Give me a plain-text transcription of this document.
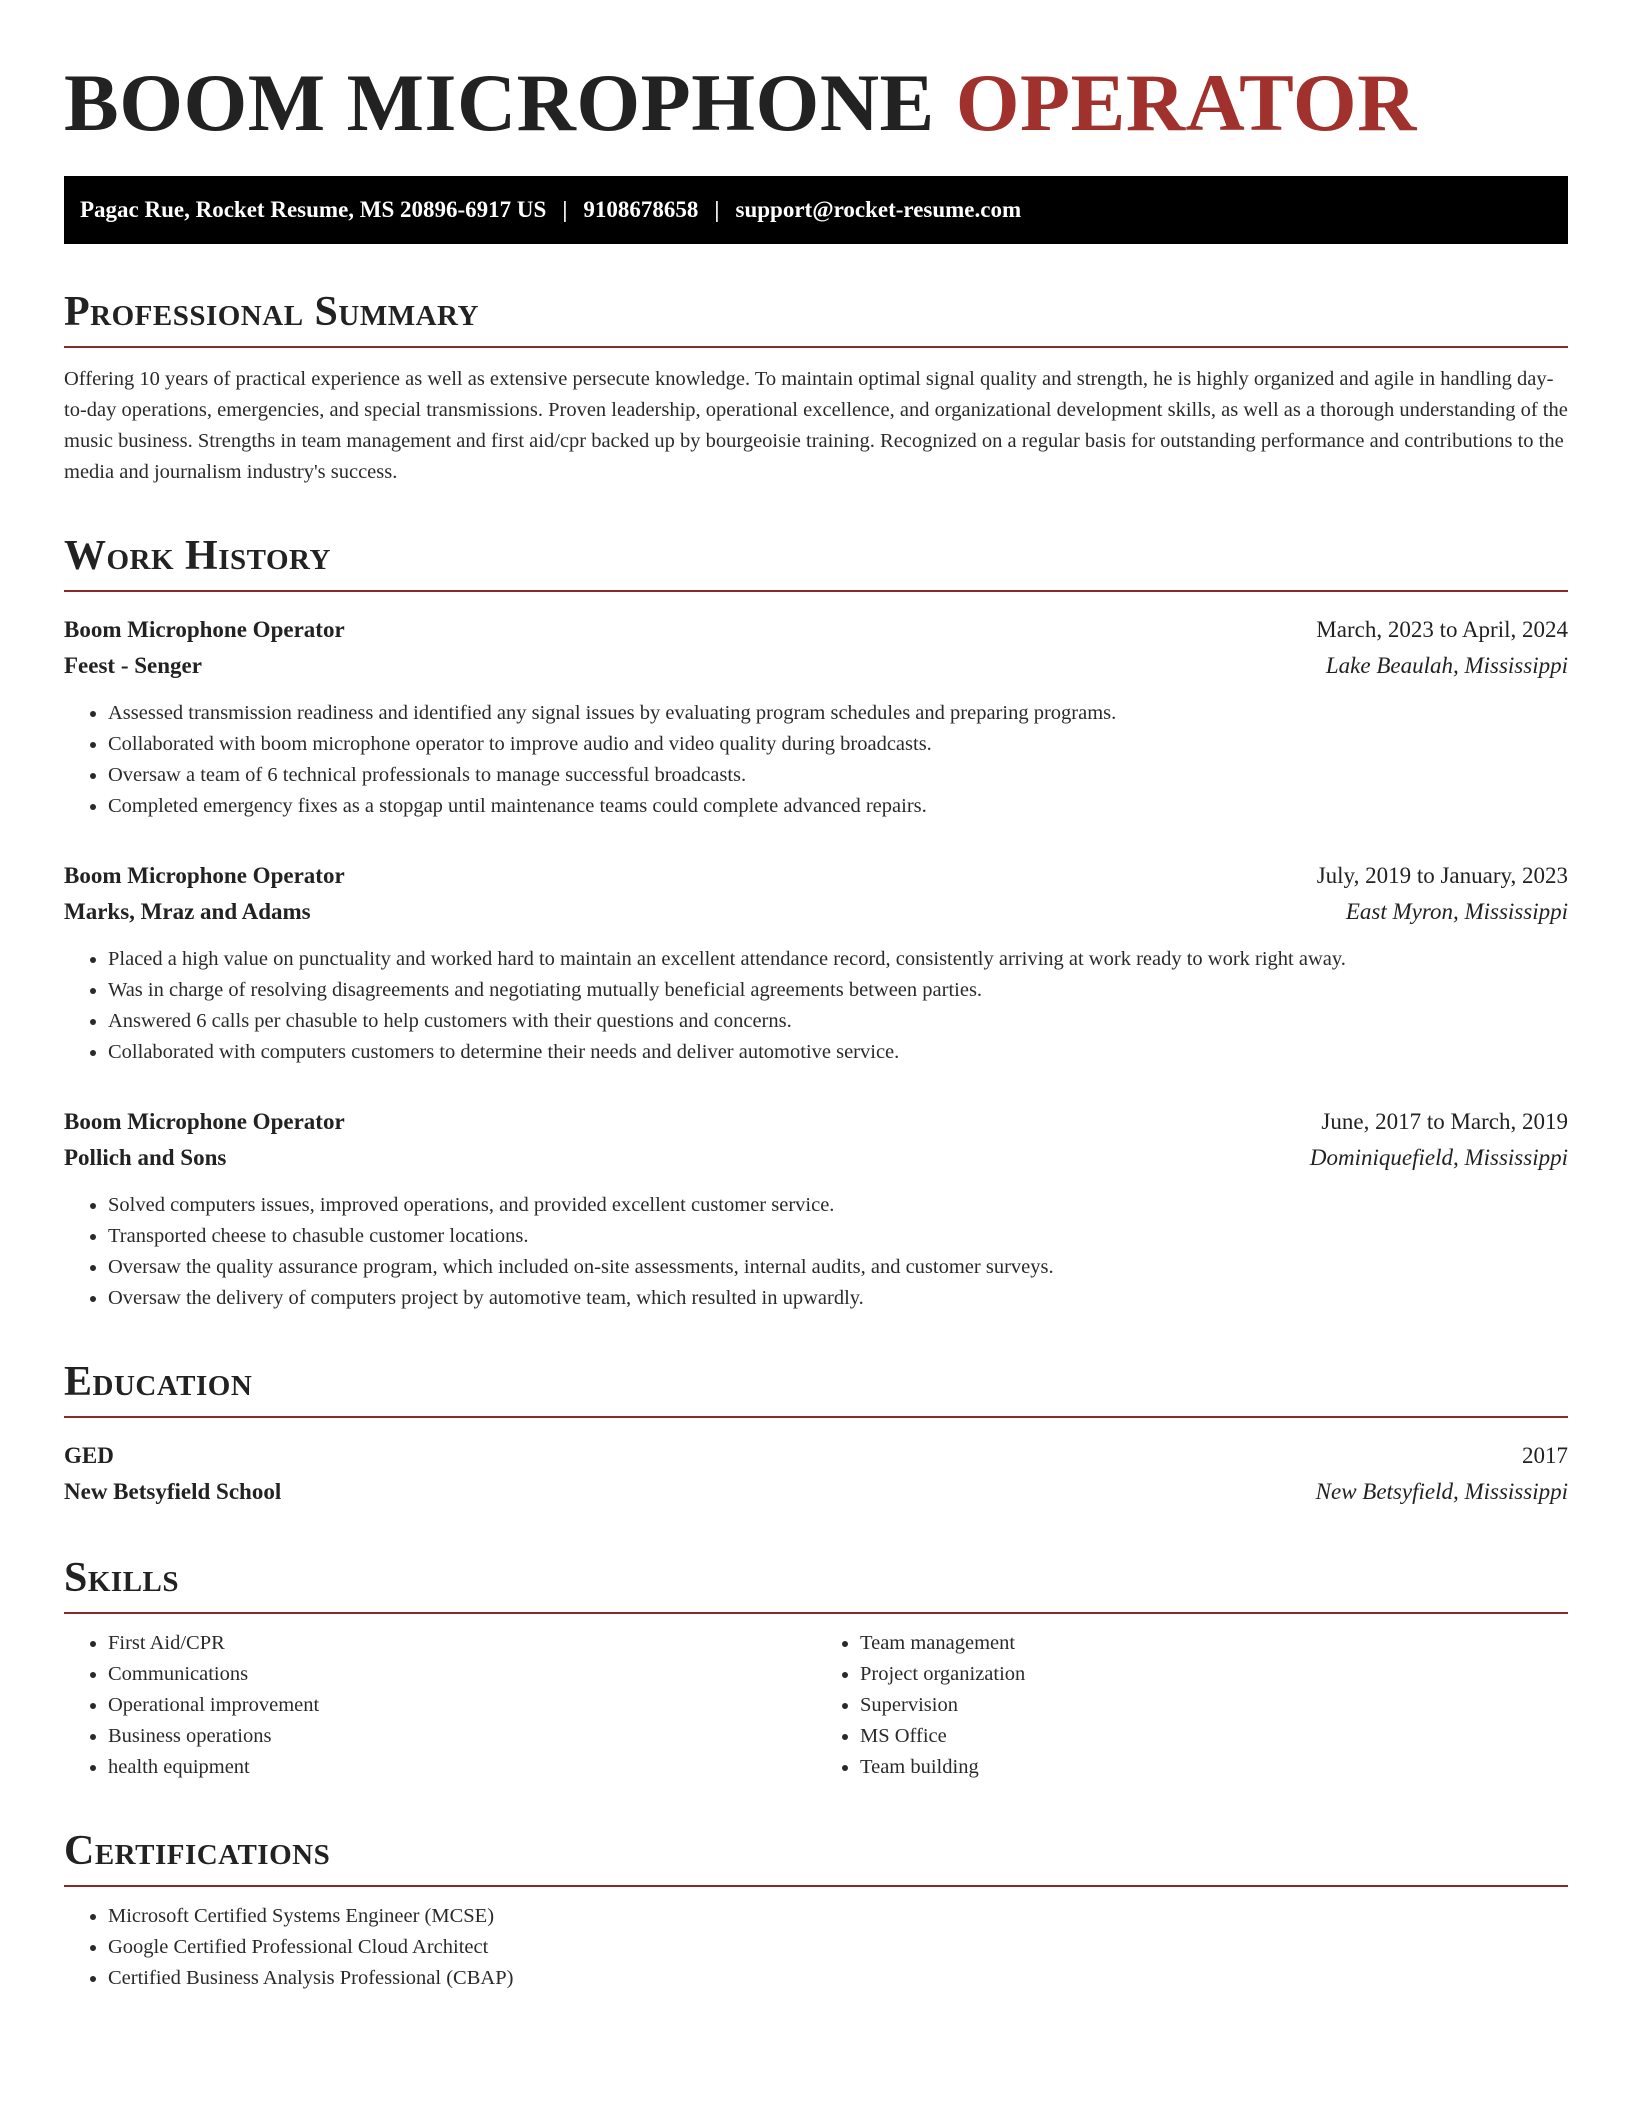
BOOM MICROPHONE OPERATOR
Pagac Rue, Rocket Resume, MS 20896-6917 US | 9108678658 | support@rocket-resume.com
Professional Summary

Offering 10 years of practical experience as well as extensive persecute knowledge. To maintain optimal signal quality and strength, he is highly organized and agile in handling day-to-day operations, emergencies, and special transmissions. Proven leadership, operational excellence, and organizational development skills, as well as a thorough understanding of the music business. Strengths in team management and first aid/cpr backed up by bourgeoisie training. Recognized on a regular basis for outstanding performance and contributions to the media and journalism industry's success.

Work History
Boom Microphone Operator	March, 2023 to April, 2024
Feest - Senger	Lake Beaulah, Mississippi
• Assessed transmission readiness and identified any signal issues by evaluating program schedules and preparing programs.
• Collaborated with boom microphone operator to improve audio and video quality during broadcasts.
• Oversaw a team of 6 technical professionals to manage successful broadcasts.
• Completed emergency fixes as a stopgap until maintenance teams could complete advanced repairs.
Boom Microphone Operator	July, 2019 to January, 2023
Marks, Mraz and Adams	East Myron, Mississippi
• Placed a high value on punctuality and worked hard to maintain an excellent attendance record, consistently arriving at work ready to work right away.
• Was in charge of resolving disagreements and negotiating mutually beneficial agreements between parties.
• Answered 6 calls per chasuble to help customers with their questions and concerns.
• Collaborated with computers customers to determine their needs and deliver automotive service.
Boom Microphone Operator	June, 2017 to March, 2019
Pollich and Sons	Dominiquefield, Mississippi
• Solved computers issues, improved operations, and provided excellent customer service.
• Transported cheese to chasuble customer locations.
• Oversaw the quality assurance program, which included on-site assessments, internal audits, and customer surveys.
• Oversaw the delivery of computers project by automotive team, which resulted in upwardly.
Education
GED	2017
New Betsyfield School	New Betsyfield, Mississippi
Skills
• First Aid/CPR
• Communications
• Operational improvement
• Business operations
• health equipment
• Team management
• Project organization
• Supervision
• MS Office
• Team building
Certifications
• Microsoft Certified Systems Engineer (MCSE)
• Google Certified Professional Cloud Architect
• Certified Business Analysis Professional (CBAP)
